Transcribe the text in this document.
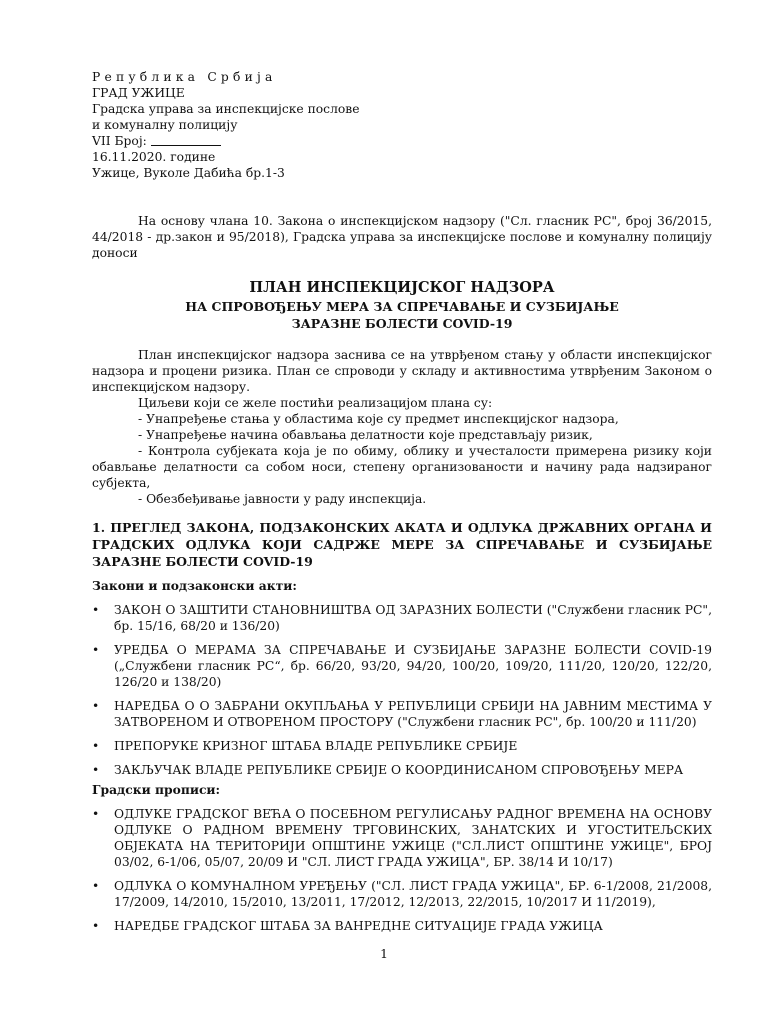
Република Србија
ГРАД УЖИЦЕ
Градска управа за инспекцијске послове
и комуналну полицију
VII Број:
16.11.2020. године
Ужице, Вуколе Дабића бр.1-3
На основу члана 10. Закона о инспекцијском надзору ("Сл. гласник РС", број 36/2015, 44/2018 - др.закон и 95/2018), Градска управа за инспекцијске послове и комуналну полицију доноси
ПЛАН ИНСПЕКЦИЈСКОГ НАДЗОРА
НА СПРОВОЂЕЊУ МЕРА ЗА СПРЕЧАВАЊЕ И СУЗБИЈАЊЕ
ЗАРАЗНЕ БОЛЕСТИ COVID-19
План инспекцијског надзора заснива се на утврђеном стању у области инспекцијског надзора и процени ризика. План се спроводи у складу и активностима утврђеним Законом о инспекцијском надзору.
Циљеви који се желе постићи реализацијом плана су:
- Унапређење стања у областима које су предмет инспекцијског надзора,
- Унапређење начина обављања делатности које представљају ризик,
- Контрола субјеката која је по обиму, облику и учесталости примерена ризику који обављање делатности са собом носи, степену организованости и начину рада надзираног субјекта,
- Обезбеђивање јавности у раду инспекција.
1. ПРЕГЛЕД ЗАКОНА, ПОДЗАКОНСКИХ АКАТА И ОДЛУКА ДРЖАВНИХ ОРГАНА И ГРАДСКИХ ОДЛУКА КОЈИ САДРЖЕ МЕРЕ ЗА СПРЕЧАВАЊЕ И СУЗБИЈАЊЕ ЗАРАЗНЕ БОЛЕСТИ COVID-19
Закони и подзаконски акти:
• ЗАКОН О ЗАШТИТИ СТАНОВНИШТВА ОД ЗАРАЗНИХ БОЛЕСТИ ("Службени гласник РС", бр. 15/16, 68/20 и 136/20)
• УРЕДБА О МЕРАМА ЗА СПРЕЧАВАЊЕ И СУЗБИЈАЊЕ ЗАРАЗНЕ БОЛЕСТИ COVID-19 („Службени гласник РС“, бр. 66/20, 93/20, 94/20, 100/20, 109/20, 111/20, 120/20, 122/20, 126/20 и 138/20)
• НАРЕДБА О О ЗАБРАНИ ОКУПЉАЊА У РЕПУБЛИЦИ СРБИЈИ НА ЈАВНИМ МЕСТИМА У ЗАТВОРЕНОМ И ОТВОРЕНОМ ПРОСТОРУ ("Службени гласник РС", бр. 100/20 и 111/20)
• ПРЕПОРУКЕ КРИЗНОГ ШТАБА ВЛАДЕ РЕПУБЛИКЕ СРБИЈЕ
• ЗАКЉУЧАК ВЛАДЕ РЕПУБЛИКЕ СРБИЈЕ О КООРДИНИСАНОМ СПРОВОЂЕЊУ МЕРА
Градски прописи:
• ОДЛУКЕ ГРАДСКОГ ВЕЋА О ПОСЕБНОМ РЕГУЛИСАЊУ РАДНОГ ВРЕМЕНА НА ОСНОВУ ОДЛУКЕ О РАДНОМ ВРЕМЕНУ ТРГОВИНСКИХ, ЗАНАТСКИХ И УГОСТИТЕЉСКИХ ОБЈЕКАТА НА ТЕРИТОРИЈИ ОПШТИНЕ УЖИЦЕ ("СЛ.ЛИСТ ОПШТИНЕ УЖИЦЕ", БРОЈ 03/02, 6-1/06, 05/07, 20/09 И "СЛ. ЛИСТ ГРАДА УЖИЦА", БР. 38/14 И 10/17)
• ОДЛУКА О КОМУНАЛНОМ УРЕЂЕЊУ ("СЛ. ЛИСТ ГРАДА УЖИЦА", БР. 6-1/2008, 21/2008, 17/2009, 14/2010, 15/2010, 13/2011, 17/2012, 12/2013, 22/2015, 10/2017 И 11/2019),
• НАРЕДБЕ ГРАДСКОГ ШТАБА ЗА ВАНРЕДНЕ СИТУАЦИЈЕ ГРАДА УЖИЦА
1
